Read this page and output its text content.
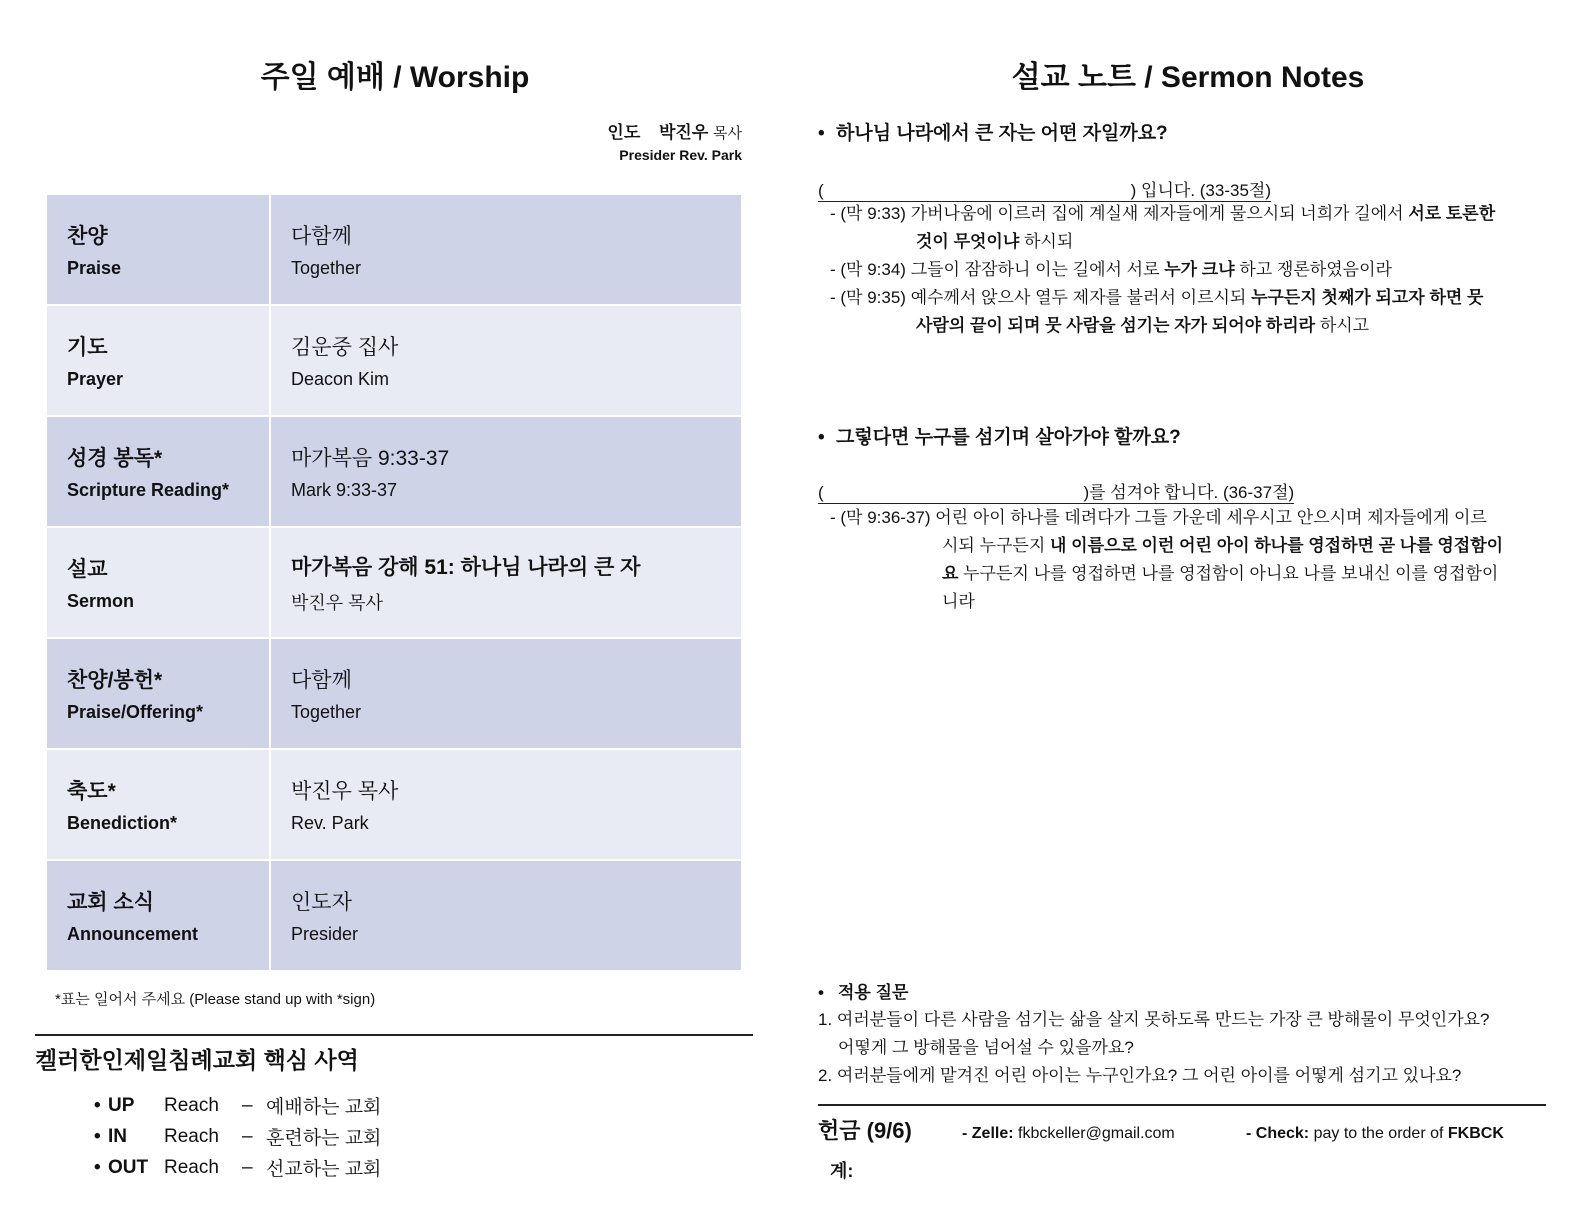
주일 예배 / Worship
인도 박진우 목사
Presider Rev. Park
찬양
Praise	다함께
Together

기도
Prayer	김운중 집사
Deacon Kim

성경 봉독*
Scripture Reading*	마가복음 9:33-37
Mark 9:33-37

설교
Sermon	마가복음 강해 51: 하나님 나라의 큰 자
박진우 목사

찬양/봉헌*
Praise/Offering*	다함께
Together

축도*
Benediction*	박진우 목사
Rev. Park

교회 소식
Announcement	인도자
Presider
*표는 일어서 주세요 (Please stand up with *sign)
켈러한인제일침례교회 핵심 사역
• UP	Reach	– 예배하는 교회
• IN	Reach	– 훈련하는 교회
• OUT Reach	– 선교하는 교회
설교 노트 / Sermon Notes
• 하나님 나라에서 큰 자는 어떤 자일까요?
(                                                                 ) 입니다. (33-35절)
- (막 9:33) 가버나움에 이르러 집에 계실새 제자들에게 물으시되 너희가 길에서 서로 토론한
것이 무엇이냐 하시되
- (막 9:34) 그들이 잠잠하니 이는 길에서 서로 누가 크냐 하고 쟁론하였음이라
- (막 9:35) 예수께서 앉으사 열두 제자를 불러서 이르시되 누구든지 첫째가 되고자 하면 뭇
사람의 끝이 되며 뭇 사람을 섬기는 자가 되어야 하리라 하시고
• 그렇다면 누구를 섬기며 살아가야 할까요?
(                                                       )를 섬겨야 합니다. (36-37절)
- (막 9:36-37) 어린 아이 하나를 데려다가 그들 가운데 세우시고 안으시며 제자들에게 이르
시되 누구든지 내 이름으로 이런 어린 아이 하나를 영접하면 곧 나를 영접함이
요 누구든지 나를 영접하면 나를 영접함이 아니요 나를 보내신 이를 영접함이
니라
• 적용 질문
1. 여러분들이 다른 사람을 섬기는 삶을 살지 못하도록 만드는 가장 큰 방해물이 무엇인가요?
어떻게 그 방해물을 넘어설 수 있을까요?
2. 여러분들에게 맡겨진 어린 아이는 누구인가요? 그 어린 아이를 어떻게 섬기고 있나요?
헌금 (9/6)	- Zelle: fkbckeller@gmail.com	- Check: pay to the order of FKBCK
계:
